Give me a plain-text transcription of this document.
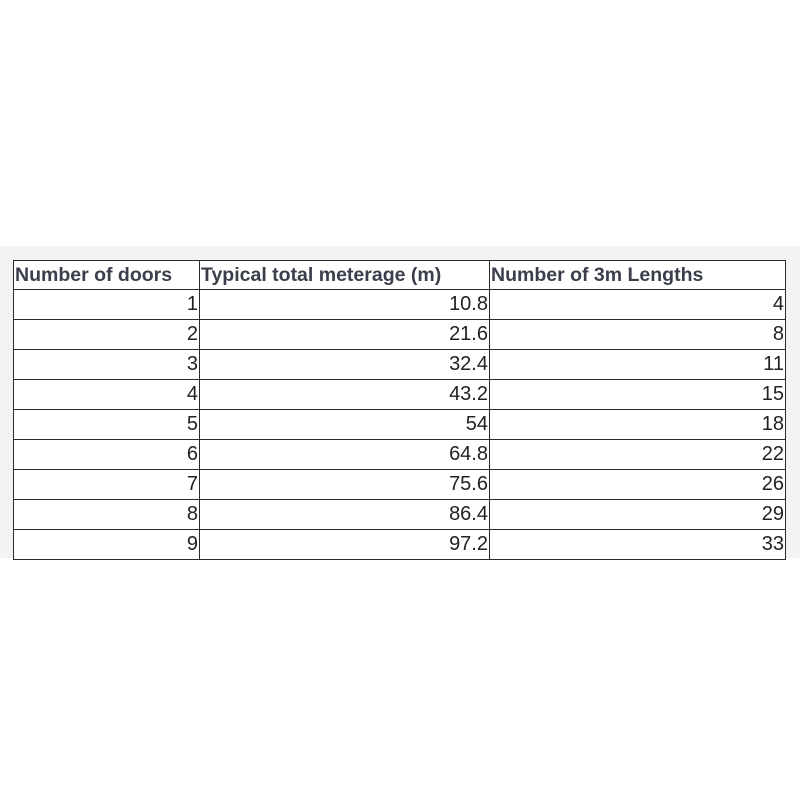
Number of doors	Typical total meterage (m)	Number of 3m Lengths
1	10.8	4
2	21.6	8
3	32.4	11
4	43.2	15
5	54	18
6	64.8	22
7	75.6	26
8	86.4	29
9	97.2	33
